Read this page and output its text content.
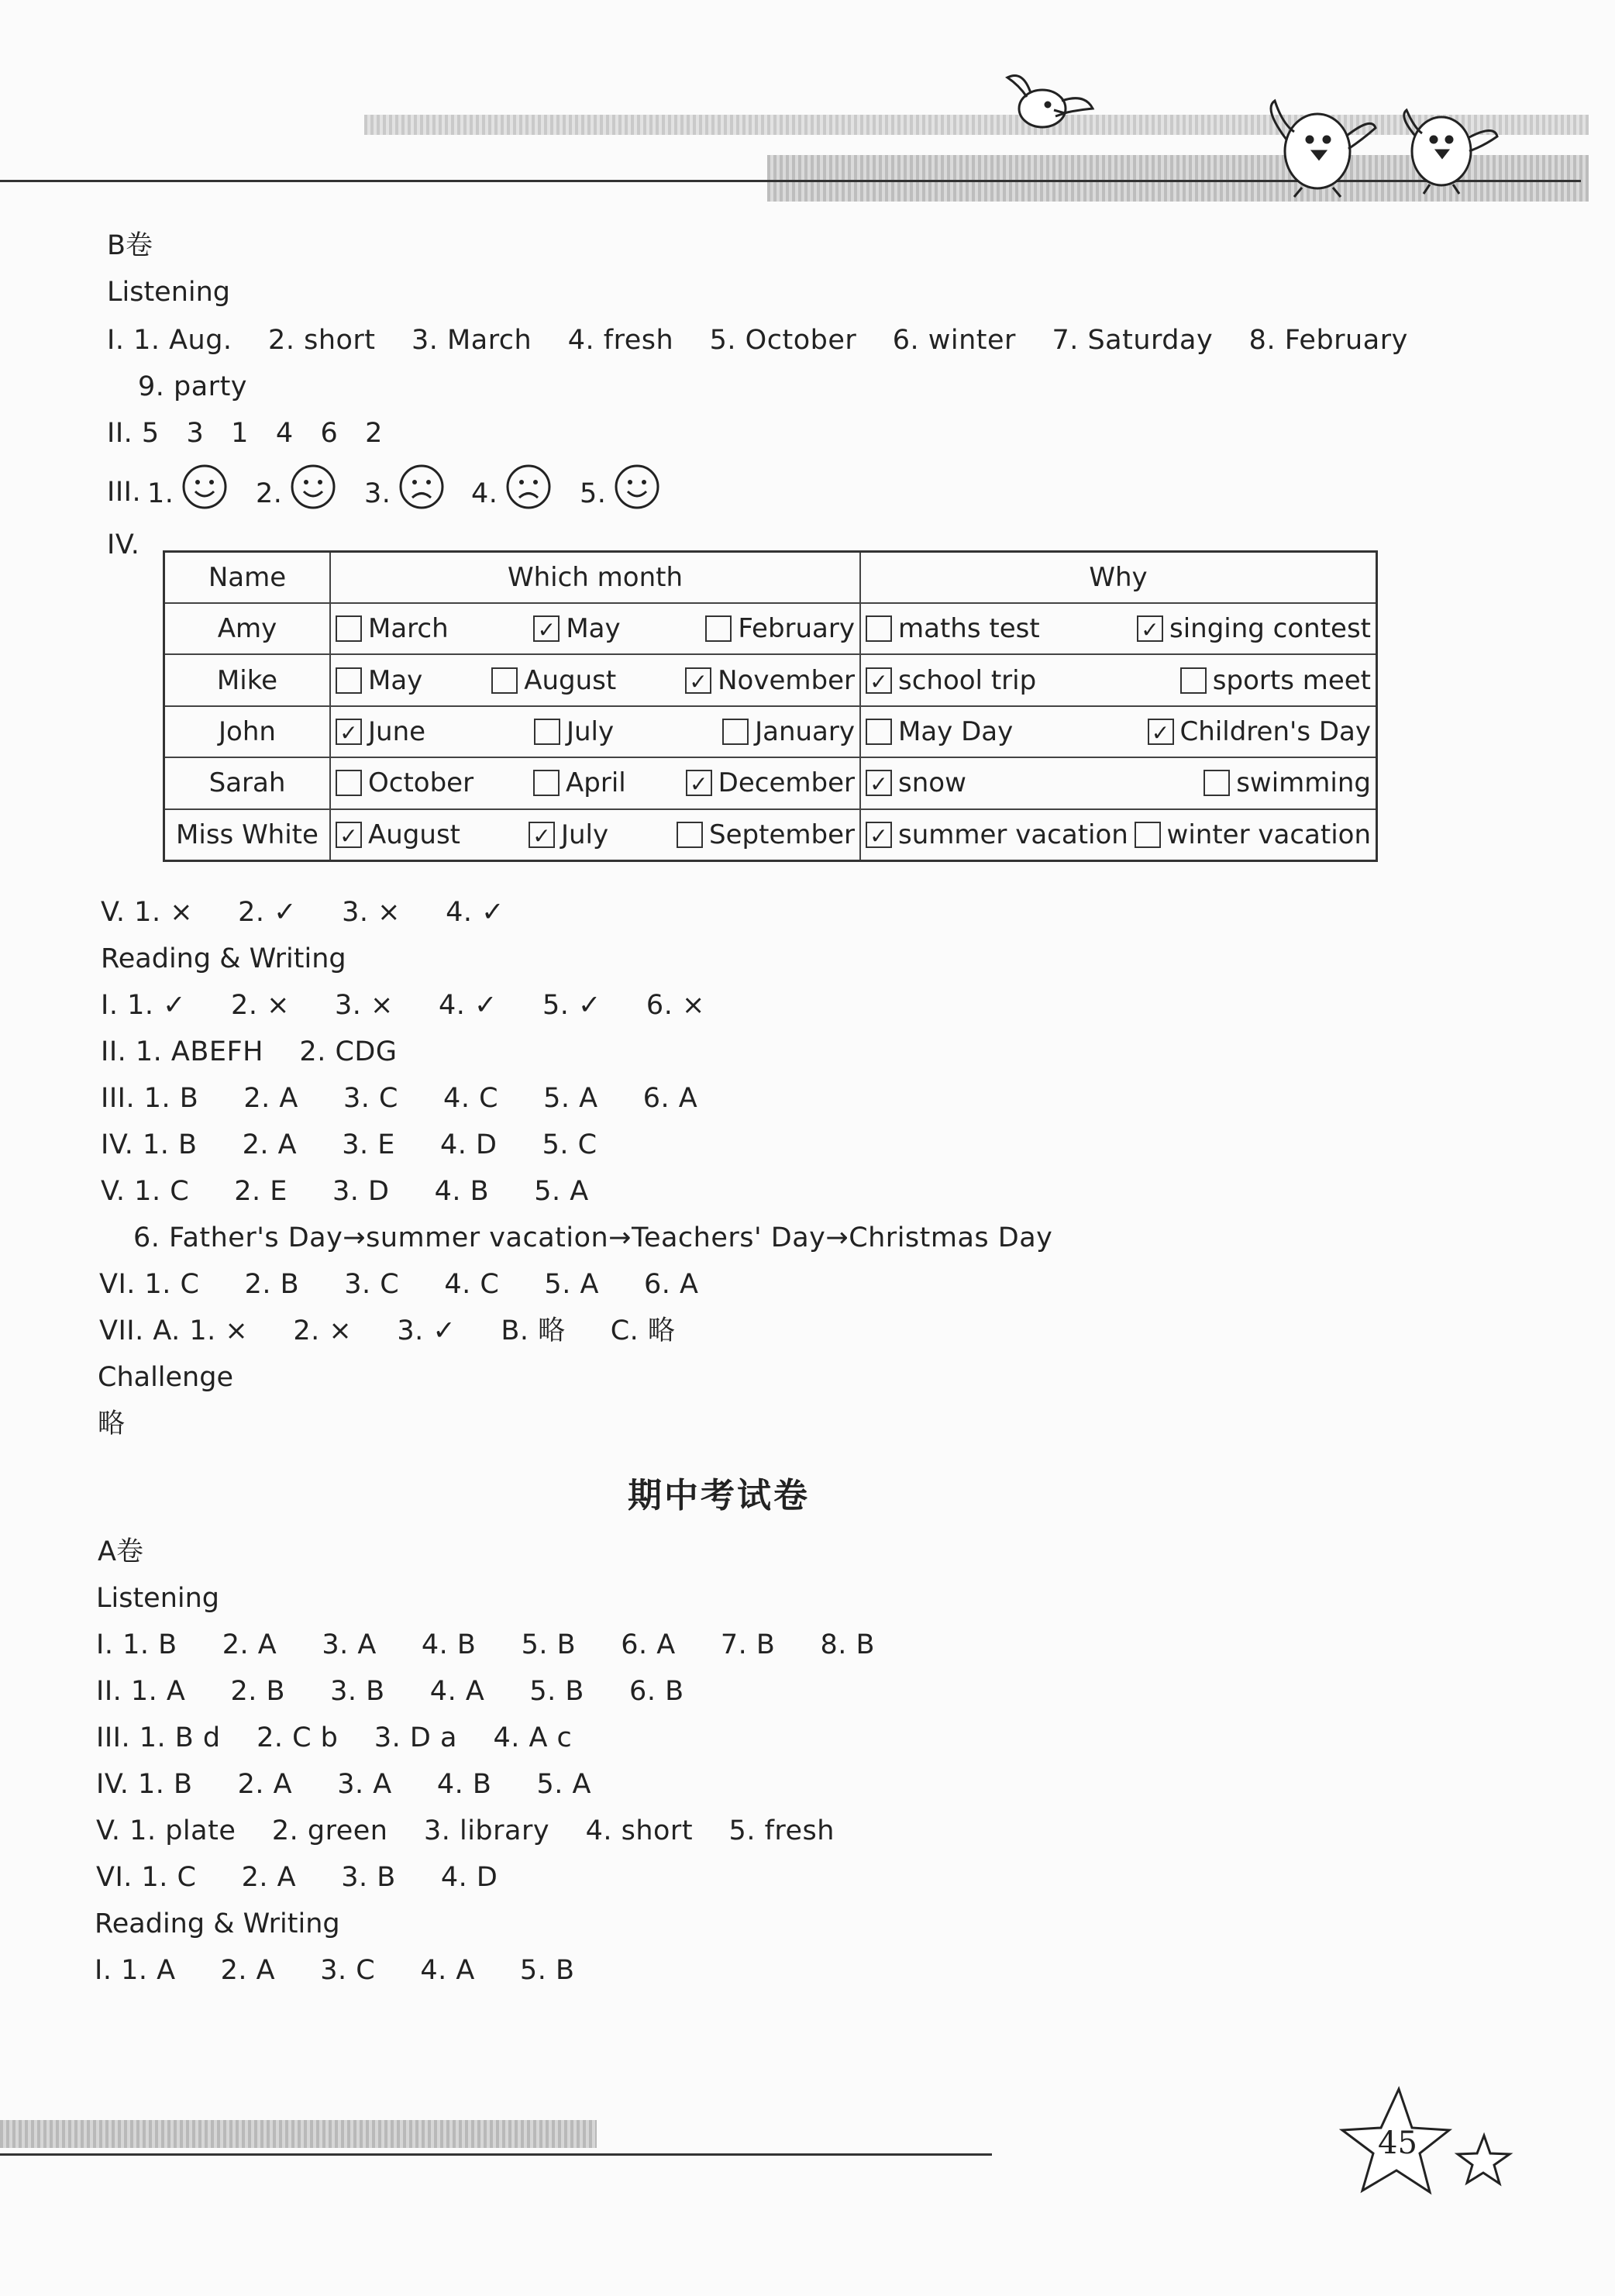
B卷
Listening
I. 1. Aug.    2. short    3. March    4. fresh    5. October    6. winter    7. Saturday    8. February
9. party
II. 5   3   1   4   6   2
III. 1.	2.	3.	4.	5.
IV.
Name	Which month	Why
Amy	March ✓ May February	maths test ✓ singing contest

Mike	May August ✓ November	✓ school trip sports meet

John	✓ June July January	May Day ✓ Children's Day

Sarah	October April ✓ December	✓ snow swimming

Miss White	✓ August ✓ July September	✓ summer vacation winter vacation
V. 1. ×     2. ✓     3. ×     4. ✓
Reading & Writing
I. 1. ✓     2. ×     3. ×     4. ✓     5. ✓     6. ×
II. 1. ABEFH    2. CDG
III. 1. B     2. A     3. C     4. C     5. A     6. A
IV. 1. B     2. A     3. E     4. D     5. C
V. 1. C     2. E     3. D     4. B     5. A
6. Father's Day→summer vacation→Teachers' Day→Christmas Day
VI. 1. C     2. B     3. C     4. C     5. A     6. A
VII. A. 1. ×     2. ×     3. ✓     B. 略     C. 略
Challenge
略
期中考试卷
A卷
Listening
I. 1. B     2. A     3. A     4. B     5. B     6. A     7. B     8. B
II. 1. A     2. B     3. B     4. A     5. B     6. B
III. 1. B d    2. C b    3. D a    4. A c
IV. 1. B     2. A     3. A     4. B     5. A
V. 1. plate    2. green    3. library    4. short    5. fresh
VI. 1. C     2. A     3. B     4. D
Reading & Writing
I. 1. A     2. A     3. C     4. A     5. B
45
